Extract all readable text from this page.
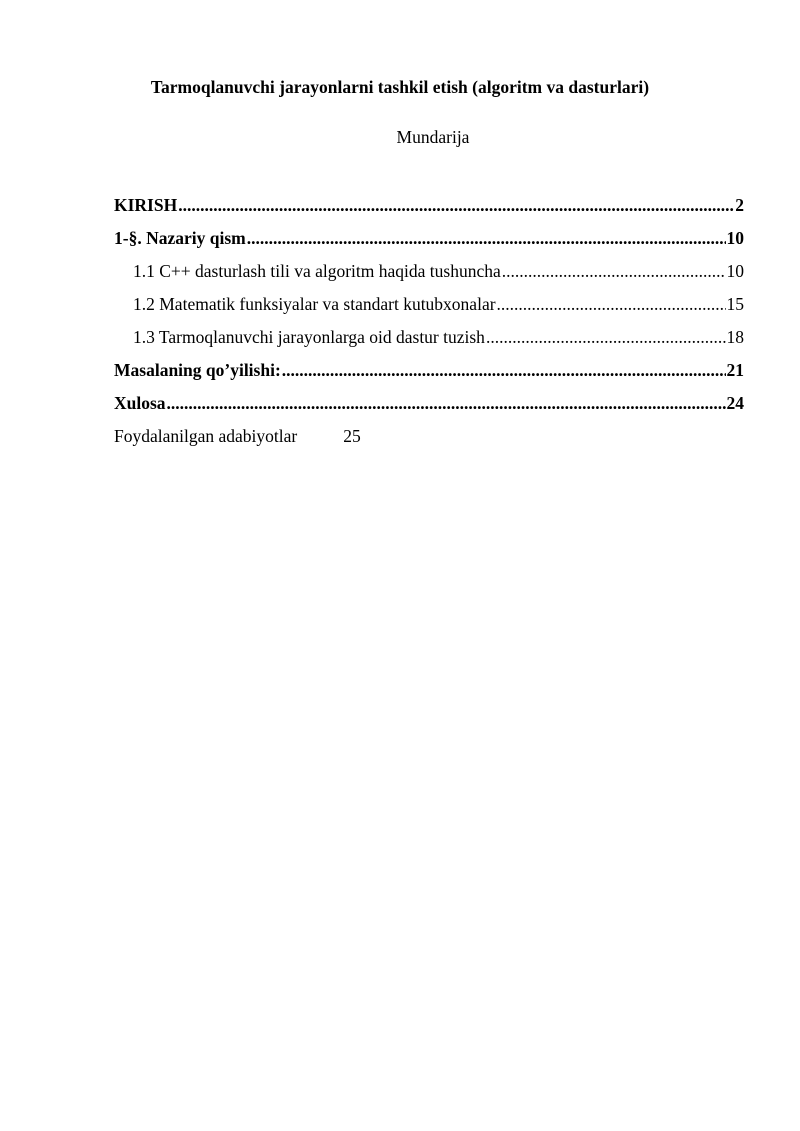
Tarmoqlanuvchi jarayonlarni tashkil etish (algoritm va dasturlari)
Mundarija
KIRISH .....	2
1-§. Nazariy qism .....	10
1.1 C++ dasturlash tili va algoritm haqida tushuncha .....	10
1.2 Matematik funksiyalar va standart kutubxonalar .....	15
1.3 Tarmoqlanuvchi jarayonlarga oid dastur tuzish .....	18
Masalaning qo’yilishi: .....	21
Xulosa .....	24
Foydalanilgan adabiyotlar	25
